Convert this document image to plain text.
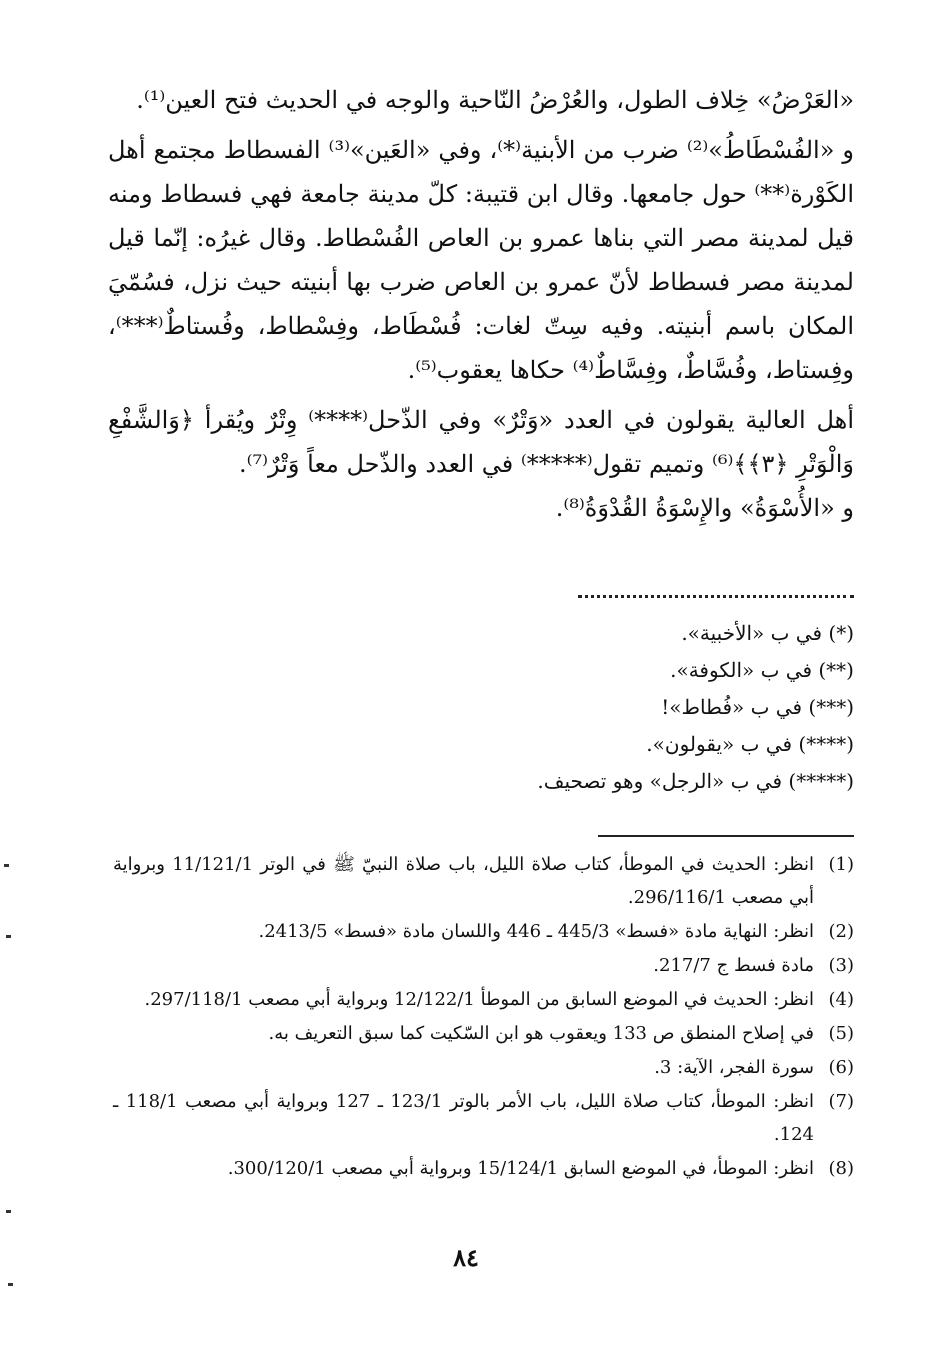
«العَرْضُ» خِلاف الطول، والعُرْضُ النّاحية والوجه في الحديث فتح العين⁽¹⁾.

و «الفُسْطَاطُ»⁽²⁾ ضرب من الأبنية⁽*⁾، وفي «العَين»⁽³⁾ الفسطاط مجتمع أهل الكَوْرة⁽**⁾ حول جامعها. وقال ابن قتيبة: كلّ مدينة جامعة فهي فسطاط ومنه قيل لمدينة مصر التي بناها عمرو بن العاص الفُسْطاط. وقال غيرُه: إنّما قيل لمدينة مصر فسطاط لأنّ عمرو بن العاص ضرب بها أبنيته حيث نزل، فسُمّيَ المكان باسم أبنيته. وفيه سِتّ لغات: فُسْطَاط، وفِسْطاط، وفُستاطٌ⁽***⁾، وفِستاط، وفُسَّاطٌ، وفِسَّاطٌ⁽⁴⁾ حكاها يعقوب⁽⁵⁾.

أهل العالية يقولون في العدد «وَتْرٌ» وفي الذّحل⁽****⁾ وِتْرٌ ويُقرأ ﴿وَالشَّفْعِ وَالْوَتْرِ ﴿٣﴾﴾⁽⁶⁾ وتميم تقول⁽*****⁾ في العدد والذّحل معاً وَتْرٌ⁽⁷⁾.

و «الأُسْوَةُ» والإِسْوَةُ القُدْوَةُ⁽⁸⁾.

(*) في ب «الأخبية».
(**) في ب «الكوفة».
(***) في ب «فُطاط»!
(****) في ب «يقولون».
(*****) في ب «الرجل» وهو تصحيف.
(1)
انظر: الحديث في الموطأ، كتاب صلاة الليل، باب صلاة النبيّ ﷺ في الوتر 11/121/1 وبرواية أبي مصعب 296/116/1.
(2)
انظر: النهاية مادة «فسط» 445/3 ـ 446 واللسان مادة «فسط» 2413/5.
(3)
مادة فسط ج 217/7.
(4)
انظر: الحديث في الموضع السابق من الموطأ 12/122/1 وبرواية أبي مصعب 297/118/1.
(5)
في إصلاح المنطق ص 133 ويعقوب هو ابن السّكيت كما سبق التعريف به.
(6)
سورة الفجر، الآية: 3.
(7)
انظر: الموطأ، كتاب صلاة الليل، باب الأمر بالوتر 123/1 ـ 127 وبرواية أبي مصعب 118/1 ـ 124.
(8)
انظر: الموطأ، في الموضع السابق 15/124/1 وبرواية أبي مصعب 300/120/1.
٨٤
